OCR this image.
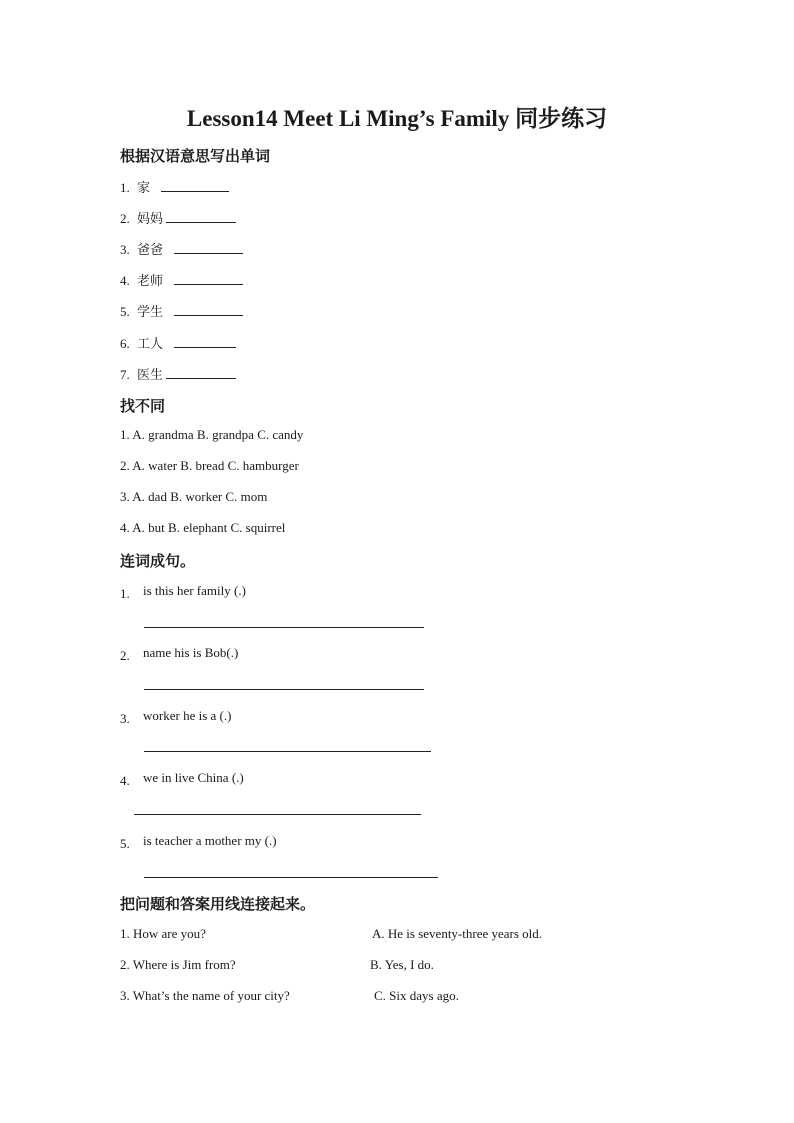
Lesson14 Meet Li Ming’s Family 同步练习
根据汉语意思写出单词
1. 家
2. 妈妈
3. 爸爸
4. 老师
5. 学生
6. 工人
7. 医生
找不同
1. A. grandma B. grandpa C. candy
2. A. water B. bread C. hamburger
3. A. dad B. worker C. mom
4. A. but B. elephant C. squirrel
连词成句。
1. is this her family (.)
2. name his is Bob(.)
3. worker he is a (.)
4. we in live China (.)
5. is teacher a mother my (.)
把问题和答案用线连接起来。
1. How are you?	A. He is seventy-three years old.
2. Where is Jim from?	B. Yes, I do.
3. What’s the name of your city?	C. Six days ago.
